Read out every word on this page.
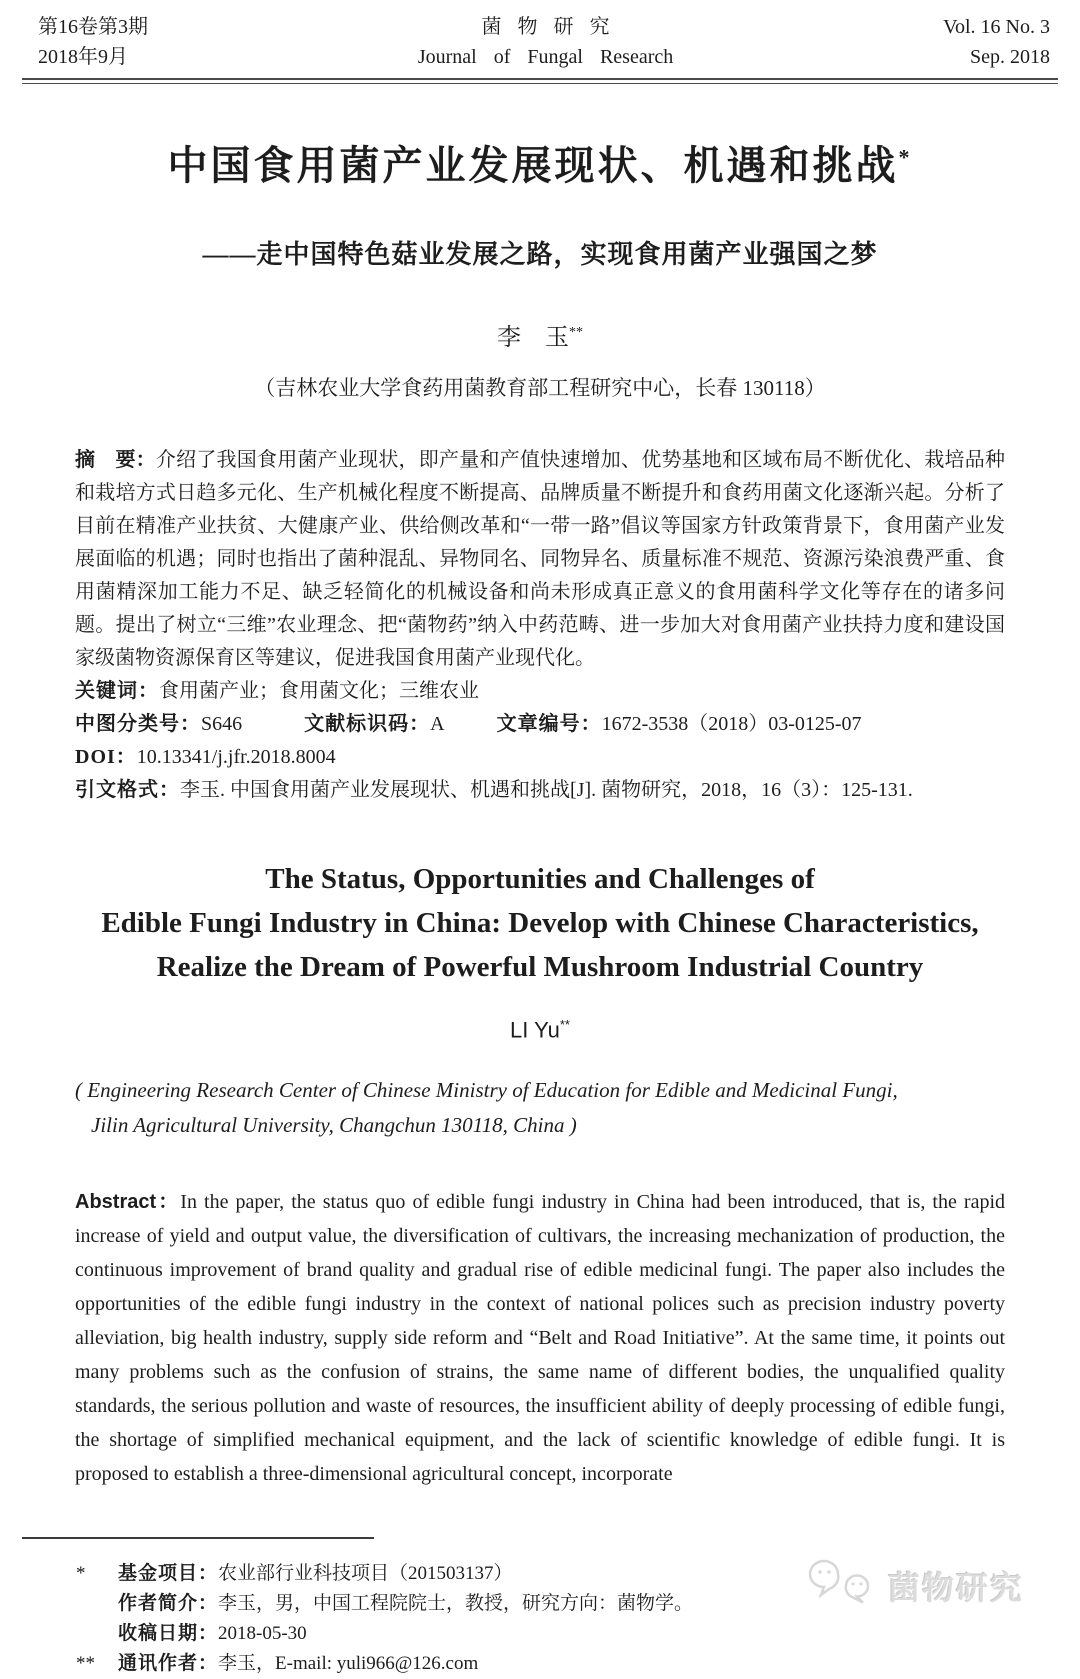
第16卷第3期
2018年9月
菌物研究
Journal of Fungal Research
Vol. 16 No. 3
Sep. 2018
中国食用菌产业发展现状、机遇和挑战*
——走中国特色菇业发展之路，实现食用菌产业强国之梦
李　玉**
（吉林农业大学食药用菌教育部工程研究中心，长春 130118）

摘　要：介绍了我国食用菌产业现状，即产量和产值快速增加、优势基地和区域布局不断优化、栽培品种和栽培方式日趋多元化、生产机械化程度不断提高、品牌质量不断提升和食药用菌文化逐渐兴起。分析了目前在精准产业扶贫、大健康产业、供给侧改革和“一带一路”倡议等国家方针政策背景下，食用菌产业发展面临的机遇；同时也指出了菌种混乱、异物同名、同物异名、质量标准不规范、资源污染浪费严重、食用菌精深加工能力不足、缺乏轻简化的机械设备和尚未形成真正意义的食用菌科学文化等存在的诸多问题。提出了树立“三维”农业理念、把“菌物药”纳入中药范畴、进一步加大对食用菌产业扶持力度和建设国家级菌物资源保育区等建议，促进我国食用菌产业现代化。

关键词：食用菌产业；食用菌文化；三维农业

中图分类号：S646	文献标识码：A	文章编号：1672-3538（2018）03-0125-07

DOI：10.13341/j.jfr.2018.8004

引文格式：李玉. 中国食用菌产业发展现状、机遇和挑战[J]. 菌物研究，2018，16（3）：125-131.

The Status, Opportunities and Challenges of
Edible Fungi Industry in China: Develop with Chinese Characteristics,
Realize the Dream of Powerful Mushroom Industrial Country
LI Yu**
( Engineering Research Center of Chinese Ministry of Education for Edible and Medicinal Fungi,
Jilin Agricultural University, Changchun 130118, China )

Abstract：In the paper, the status quo of edible fungi industry in China had been introduced, that is, the rapid increase of yield and output value, the diversification of cultivars, the increasing mechanization of production, the continuous improvement of brand quality and gradual rise of edible medicinal fungi. The paper also includes the opportunities of the edible fungi industry in the context of national polices such as precision industry poverty alleviation, big health industry, supply side reform and “Belt and Road Initiative”. At the same time, it points out many problems such as the confusion of strains, the same name of different bodies, the unqualified quality standards, the serious pollution and waste of resources, the insufficient ability of deeply processing of edible fungi, the shortage of simplified mechanical equipment, and the lack of scientific knowledge of edible fungi. It is proposed to establish a three-dimensional agricultural concept, incorporate

*	基金项目：农业部行业科技项目（201503137）
作者简介：李玉，男，中国工程院院士，教授，研究方向：菌物学。
收稿日期：2018-05-30
**	通讯作者：李玉，E-mail: yuli966@126.com
菌物研究
